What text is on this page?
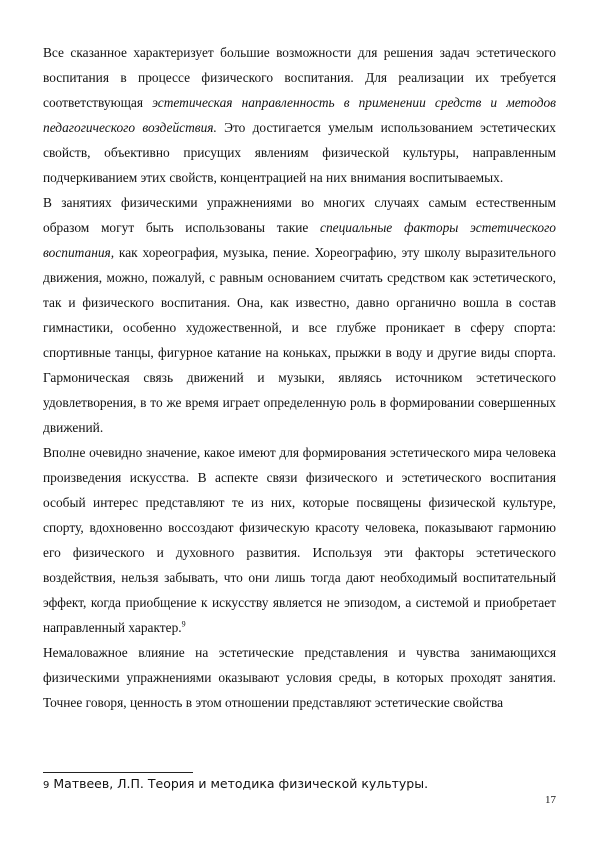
Все сказанное характеризует большие возможности для решения задач эстетического воспитания в процессе физического воспитания. Для реализации их требуется соответствующая эстетическая направленность в применении средств и методов педагогического воздействия. Это достигается умелым использованием эстетических свойств, объективно присущих явлениям физической культуры, направленным подчеркиванием этих свойств, концентрацией на них внимания воспитываемых.

В занятиях физическими упражнениями во многих случаях самым естественным образом могут быть использованы такие специальные факторы эстетического воспитания, как хореография, музыка, пение. Хореографию, эту школу выразительного движения, можно, пожалуй, с равным основанием считать средством как эстетического, так и физического воспитания. Она, как известно, давно органично вошла в состав гимнастики, особенно художественной, и все глубже проникает в сферу спорта: спортивные танцы, фигурное катание на коньках, прыжки в воду и другие виды спорта. Гармоническая связь движений и музыки, являясь источником эстетического удовлетворения, в то же время играет определенную роль в формировании совершенных движений.

Вполне очевидно значение, какое имеют для формирования эстетического мира человека произведения искусства. В аспекте связи физического и эстетического воспитания особый интерес представляют те из них, которые посвящены физической культуре, спорту, вдохновенно воссоздают физическую красоту человека, показывают гармонию его физического и духовного развития. Используя эти факторы эстетического воздействия, нельзя забывать, что они лишь тогда дают необходимый воспитательный эффект, когда приобщение к искусству является не эпизодом, а системой и приобретает направленный характер.$^9$

Немаловажное влияние на эстетические представления и чувства занимающихся физическими упражнениями оказывают условия среды, в которых проходят занятия. Точнее говоря, ценность в этом отношении представляют эстетические свойства

9 Матвеев, Л.П. Теория и методика физической культуры.
17
